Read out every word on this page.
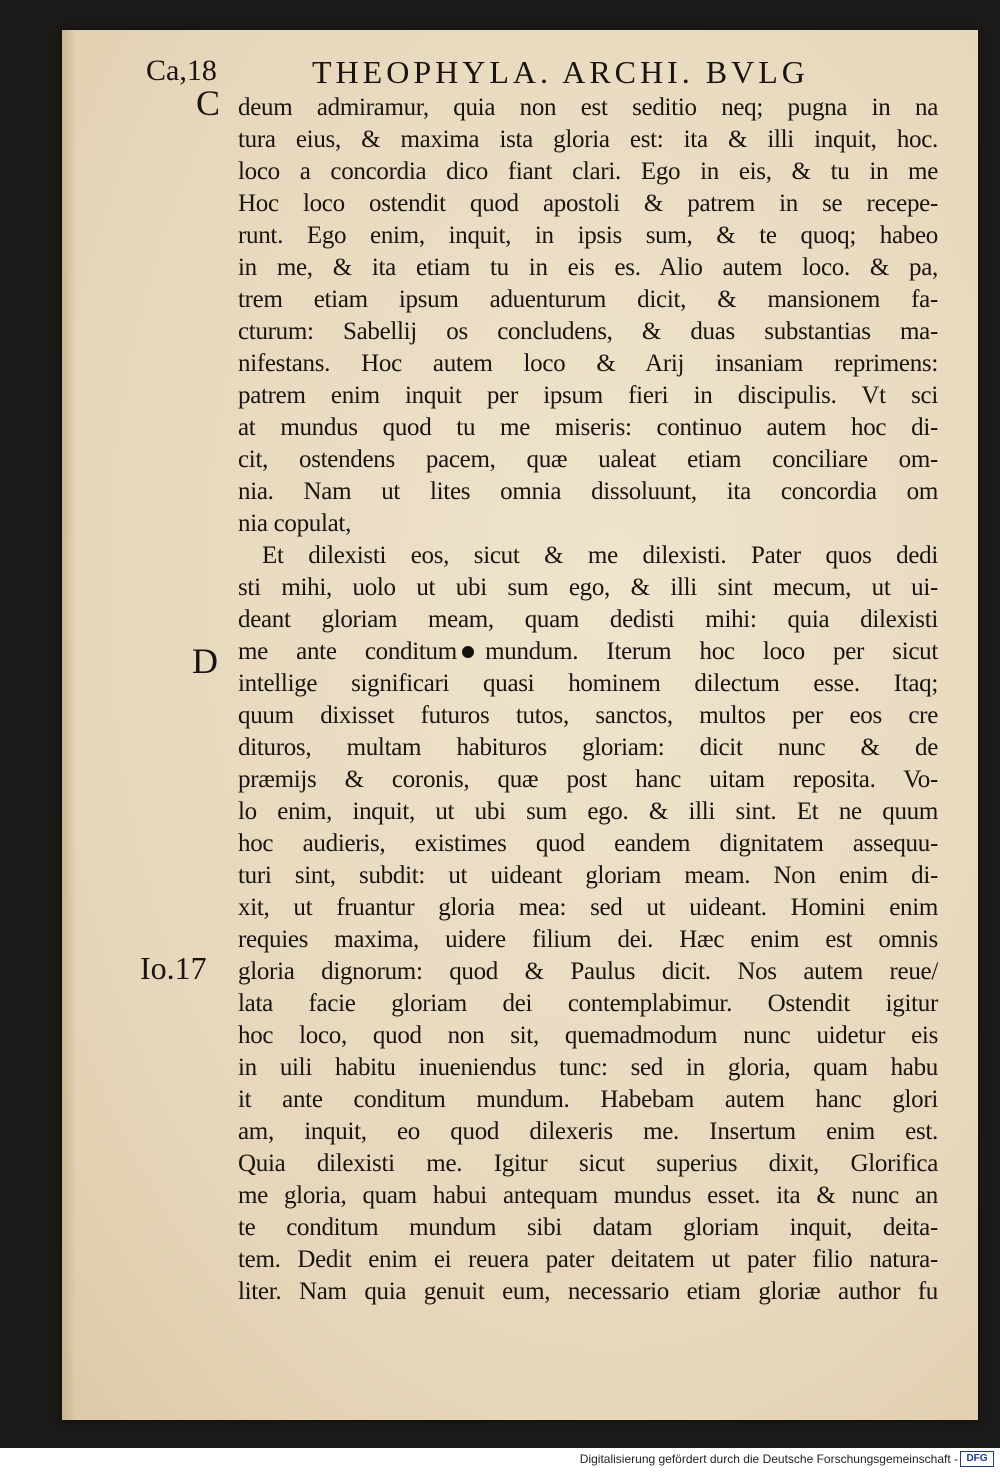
Ca,18	THEOPHYLA. ARCHI. BVLG
C
D
Io.17
deum admiramur, quia non est seditio neq; pugna in na
tura eius, & maxima ista gloria est: ita & illi inquit, hoc.
loco a concordia dico fiant clari. Ego in eis, & tu in me
Hoc loco ostendit quod apostoli & patrem in se recepe-
runt. Ego enim, inquit, in ipsis sum, & te quoq; habeo
in me, & ita etiam tu in eis es. Alio autem loco. & pa,
trem etiam ipsum aduenturum dicit, & mansionem fa-
cturum: Sabellij os concludens, & duas substantias ma-
nifestans. Hoc autem loco & Arij insaniam reprimens:
patrem enim inquit per ipsum fieri in discipulis. Vt sci
at mundus quod tu me miseris: continuo autem hoc di-
cit, ostendens pacem, quæ ualeat etiam conciliare om-
nia. Nam ut lites omnia dissoluunt, ita concordia om
nia copulat,
Et dilexisti eos, sicut & me dilexisti. Pater quos dedi
sti mihi, uolo ut ubi sum ego, & illi sint mecum, ut ui-
deant gloriam meam, quam dedisti mihi: quia dilexisti
me ante conditum mundum. Iterum hoc loco per sicut
intellige significari quasi hominem dilectum esse. Itaq;
quum dixisset futuros tutos, sanctos, multos per eos cre
dituros, multam habituros gloriam: dicit nunc & de
præmijs & coronis, quæ post hanc uitam reposita. Vo-
lo enim, inquit, ut ubi sum ego. & illi sint. Et ne quum
hoc audieris, existimes quod eandem dignitatem assequu-
turi sint, subdit: ut uideant gloriam meam. Non enim di-
xit, ut fruantur gloria mea: sed ut uideant. Homini enim
requies maxima, uidere filium dei. Hæc enim est omnis
gloria dignorum: quod & Paulus dicit. Nos autem reue/
lata facie gloriam dei contemplabimur. Ostendit igitur
hoc loco, quod non sit, quemadmodum nunc uidetur eis
in uili habitu inueniendus tunc: sed in gloria, quam habu
it ante conditum mundum. Habebam autem hanc glori
am, inquit, eo quod dilexeris me. Insertum enim est.
Quia dilexisti me. Igitur sicut superius dixit, Glorifica
me gloria, quam habui antequam mundus esset. ita & nunc an
te conditum mundum sibi datam gloriam inquit, deita-
tem. Dedit enim ei reuera pater deitatem ut pater filio natura-
liter. Nam quia genuit eum, necessario etiam gloriæ author fu
Digitalisierung gefördert durch die Deutsche Forschungsgemeinschaft - DFG
